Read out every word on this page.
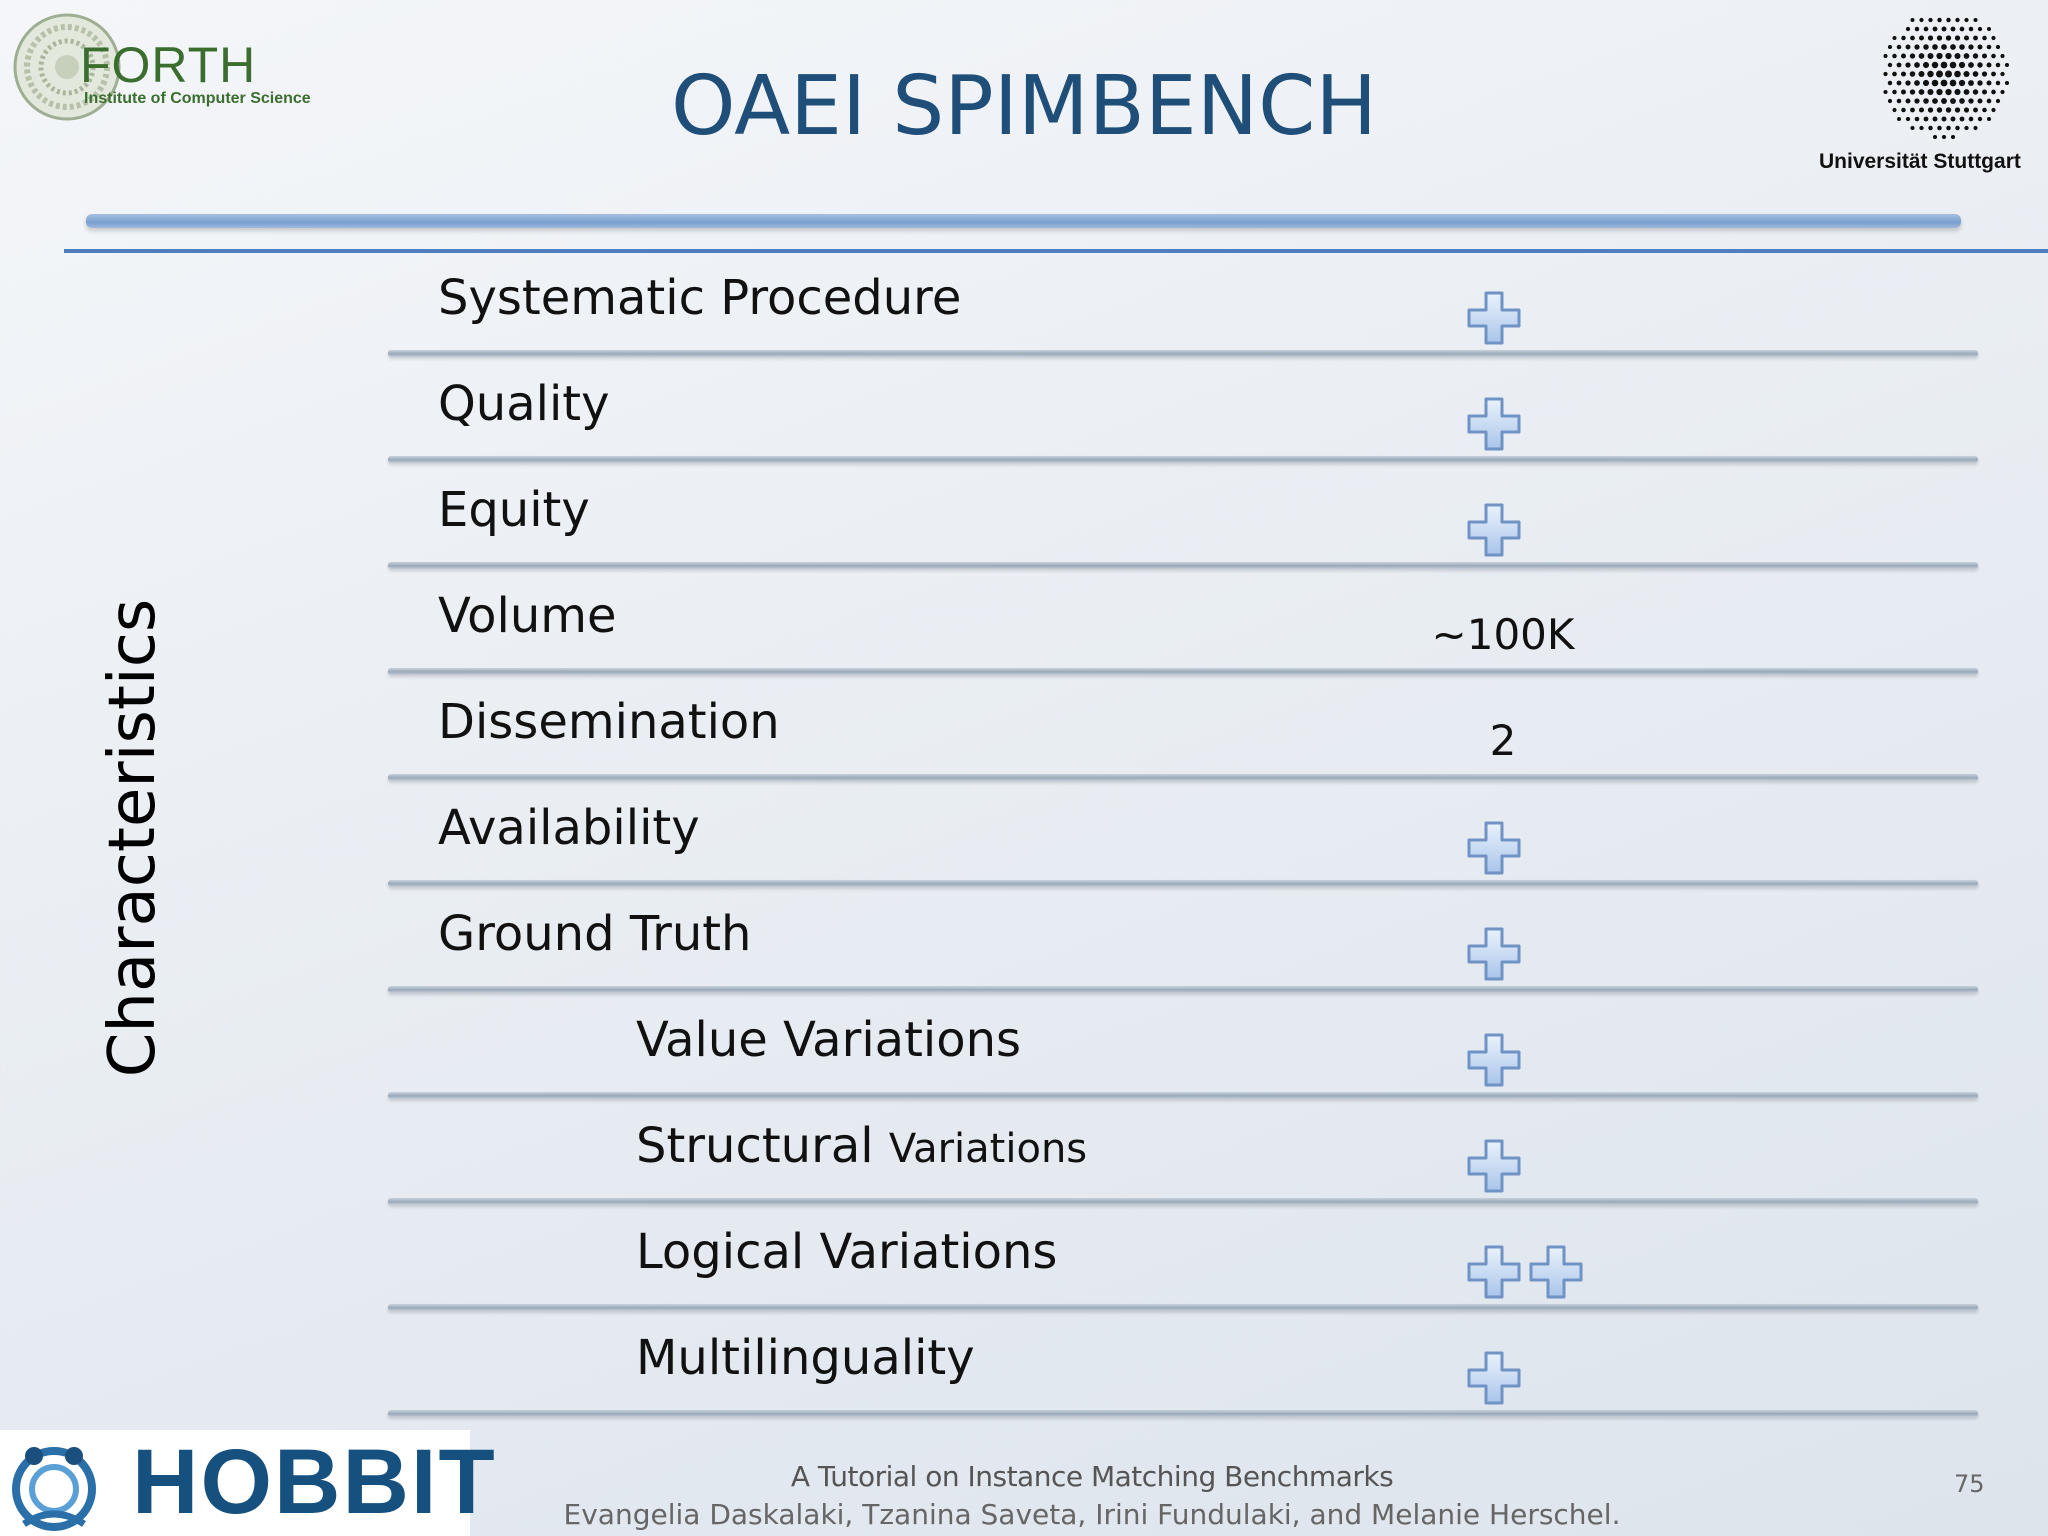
FORTH
Institute of Computer Science	OAEI SPIMBENCH
Universität Stuttgart
Characteristics
Systematic Procedure
Quality
Equity
Volume	~100K
Dissemination	2
Availability
Ground Truth
Value Variations
Structural Variations
Logical Variations
Multilinguality
HOBBIT	A Tutorial on Instance Matching Benchmarks
Evangelia Daskalaki, Tzanina Saveta, Irini Fundulaki, and Melanie Herschel.
75
